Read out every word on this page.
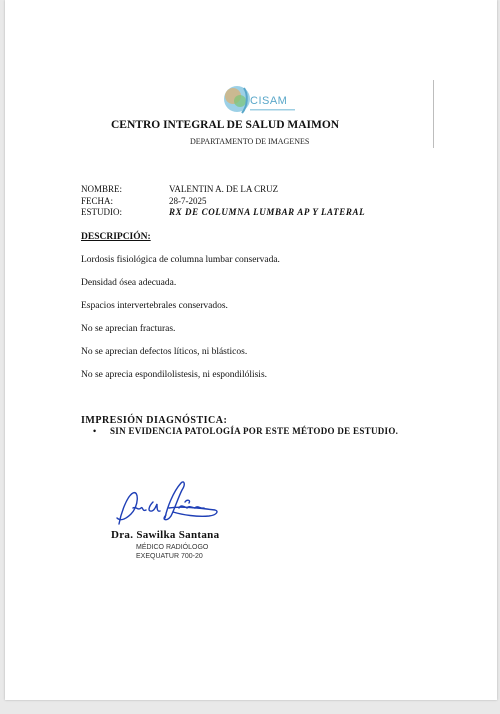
CISAM
CENTRO INTEGRAL DE SALUD MAIMON
DEPARTAMENTO DE IMAGENES
NOMBRE:	VALENTIN A. DE LA CRUZ
FECHA:	28-7-2025
ESTUDIO:	RX DE COLUMNA LUMBAR AP Y LATERAL
DESCRIPCIÓN:
Lordosis fisiológica de columna lumbar conservada.
Densidad ósea adecuada.
Espacios intervertebrales conservados.
No se aprecian fracturas.
No se aprecian defectos líticos, ni blásticos.
No se aprecia espondilolistesis, ni espondilólisis.
IMPRESIÓN DIAGNÓSTICA:
• SIN EVIDENCIA PATOLOGÍA POR ESTE MÉTODO DE ESTUDIO.
Dra. Sawilka Santana
MÉDICO RADIÓLOGO
EXEQUATUR 700-20
